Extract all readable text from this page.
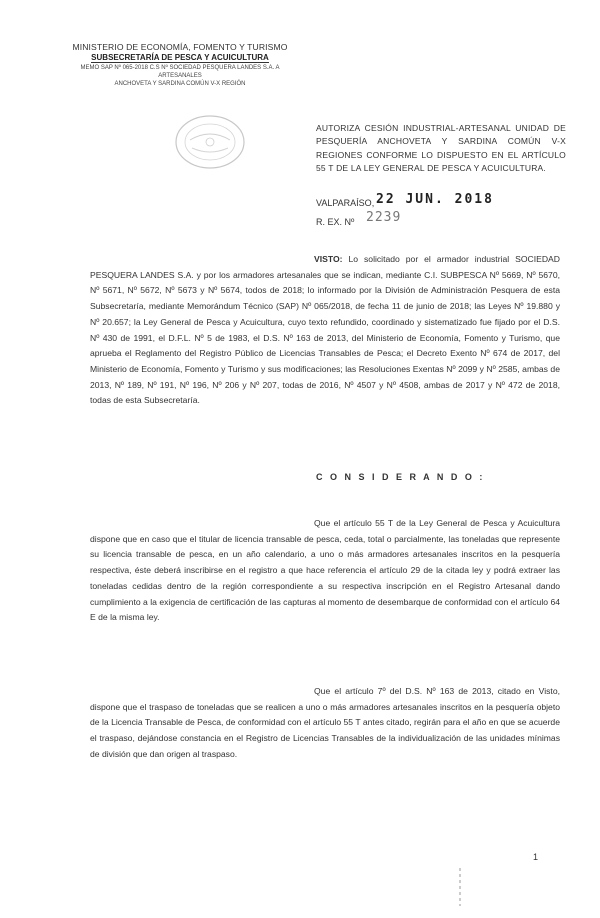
MINISTERIO DE ECONOMÍA, FOMENTO Y TURISMO
SUBSECRETARÍA DE PESCA Y ACUICULTURA
MEMO SAP Nº 065-2018 C.S Nº SOCIEDAD PESQUERA LANDES S.A. A
ARTESANALES
ANCHOVETA Y SARDINA COMÚN V-X REGIÓN
AUTORIZA CESIÓN INDUSTRIAL-ARTESANAL UNIDAD DE PESQUERÍA ANCHOVETA Y SARDINA COMÚN V-X REGIONES CONFORME LO DISPUESTO EN EL ARTÍCULO 55 T DE LA LEY GENERAL DE PESCA Y ACUICULTURA.
VALPARAÍSO, 22 JUN. 2018
R. EX. Nº 2239
VISTO: Lo solicitado por el armador industrial SOCIEDAD PESQUERA LANDES S.A. y por los armadores artesanales que se indican, mediante C.I. SUBPESCA Nº 5669, Nº 5670, Nº 5671, Nº 5672, Nº 5673 y Nº 5674, todos de 2018; lo informado por la División de Administración Pesquera de esta Subsecretaría, mediante Memorándum Técnico (SAP) Nº 065/2018, de fecha 11 de junio de 2018; las Leyes Nº 19.880 y Nº 20.657; la Ley General de Pesca y Acuicultura, cuyo texto refundido, coordinado y sistematizado fue fijado por el D.S. Nº 430 de 1991, el D.F.L. Nº 5 de 1983, el D.S. Nº 163 de 2013, del Ministerio de Economía, Fomento y Turismo, que aprueba el Reglamento del Registro Público de Licencias Transables de Pesca; el Decreto Exento Nº 674 de 2017, del Ministerio de Economía, Fomento y Turismo y sus modificaciones; las Resoluciones Exentas Nº 2099 y Nº 2585, ambas de 2013, Nº 189, Nº 191, Nº 196, Nº 206 y Nº 207, todas de 2016, Nº 4507 y Nº 4508, ambas de 2017 y Nº 472 de 2018, todas de esta Subsecretaría.
C O N S I D E R A N D O :
Que el artículo 55 T de la Ley General de Pesca y Acuicultura dispone que en caso que el titular de licencia transable de pesca, ceda, total o parcialmente, las toneladas que represente su licencia transable de pesca, en un año calendario, a uno o más armadores artesanales inscritos en la pesquería respectiva, éste deberá inscribirse en el registro a que hace referencia el artículo 29 de la citada ley y podrá extraer las toneladas cedidas dentro de la región correspondiente a su respectiva inscripción en el Registro Artesanal dando cumplimiento a la exigencia de certificación de las capturas al momento de desembarque de conformidad con el artículo 64 E de la misma ley.
Que el artículo 7º del D.S. Nº 163 de 2013, citado en Visto, dispone que el traspaso de toneladas que se realicen a uno o más armadores artesanales inscritos en la pesquería objeto de la Licencia Transable de Pesca, de conformidad con el artículo 55 T antes citado, regirán para el año en que se acuerde el traspaso, dejándose constancia en el Registro de Licencias Transables de la individualización de las unidades mínimas de división que dan origen al traspaso.
1
